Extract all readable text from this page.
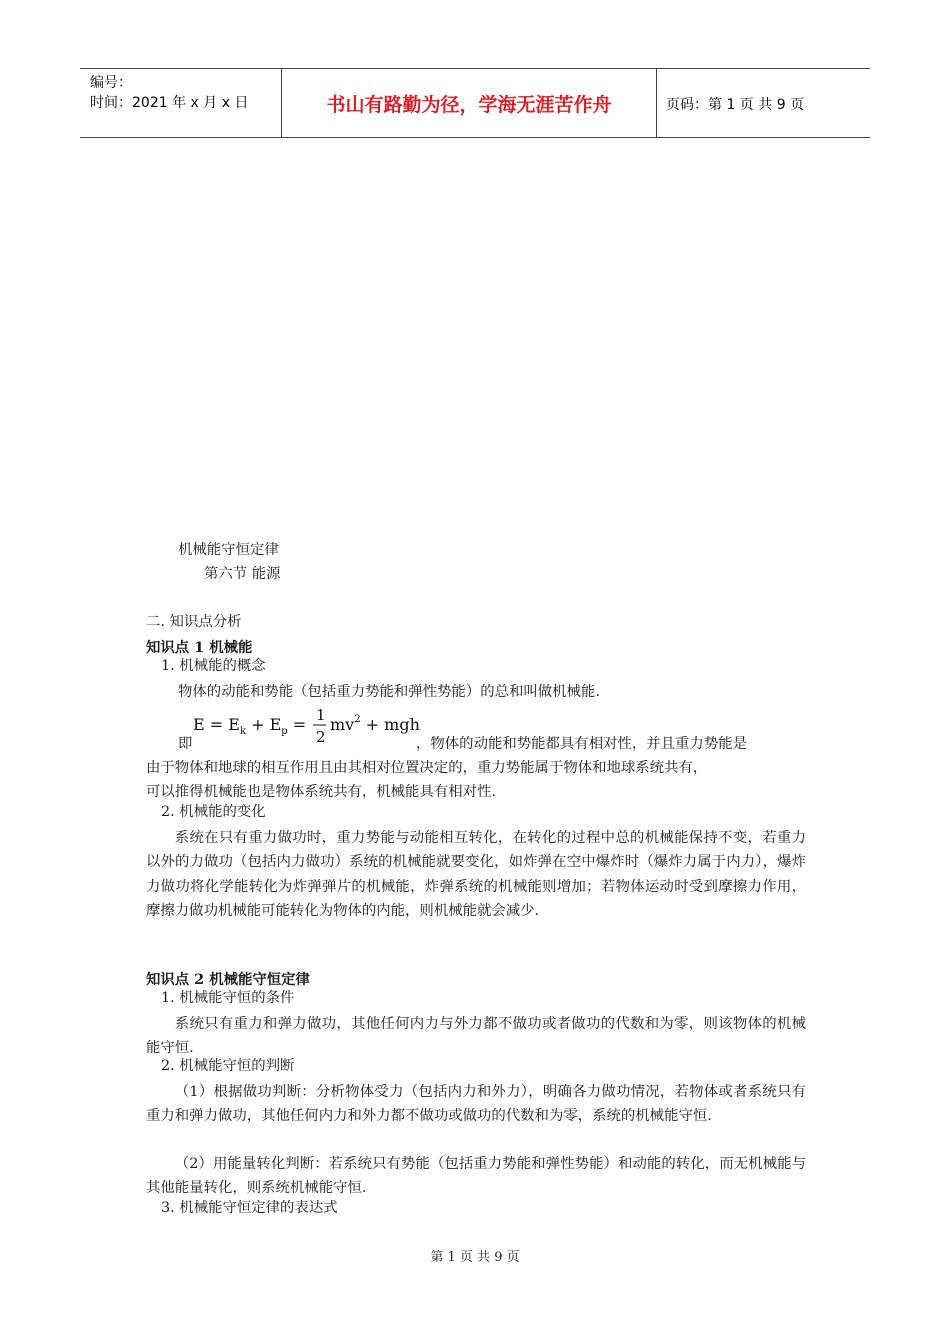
编号：
时间：2021 年 x 月 x 日	书山有路勤为径，学海无涯苦作舟	页码：第 1 页 共 9 页
机械能守恒定律
第六节 能源
二. 知识点分析
知识点 1 机械能
1. 机械能的概念
物体的动能和势能（包括重力势能和弹性势能）的总和叫做机械能.
$E = E_k + E_p = 1$
2
$mv^2$ + mgh
即	，物体的动能和势能都具有相对性，并且重力势能是
由于物体和地球的相互作用且由其相对位置决定的，重力势能属于物体和地球系统共有，
可以推得机械能也是物体系统共有，机械能具有相对性.
2. 机械能的变化
系统在只有重力做功时，重力势能与动能相互转化，在转化的过程中总的机械能保持不变，若重力以外的力做功（包括内力做功）系统的机械能就要变化，如炸弹在空中爆炸时（爆炸力属于内力），爆炸力做功将化学能转化为炸弹弹片的机械能，炸弹系统的机械能则增加；若物体运动时受到摩擦力作用，摩擦力做功机械能可能转化为物体的内能，则机械能就会减少.
知识点 2 机械能守恒定律
1. 机械能守恒的条件
系统只有重力和弹力做功，其他任何内力与外力都不做功或者做功的代数和为零，则该物体的机械能守恒.
2. 机械能守恒的判断
（1）根据做功判断：分析物体受力（包括内力和外力），明确各力做功情况，若物体或者系统只有重力和弹力做功，其他任何内力和外力都不做功或做功的代数和为零，系统的机械能守恒.
（2）用能量转化判断：若系统只有势能（包括重力势能和弹性势能）和动能的转化，而无机械能与其他能量转化，则系统机械能守恒.
3. 机械能守恒定律的表达式
第 1 页 共 9 页
